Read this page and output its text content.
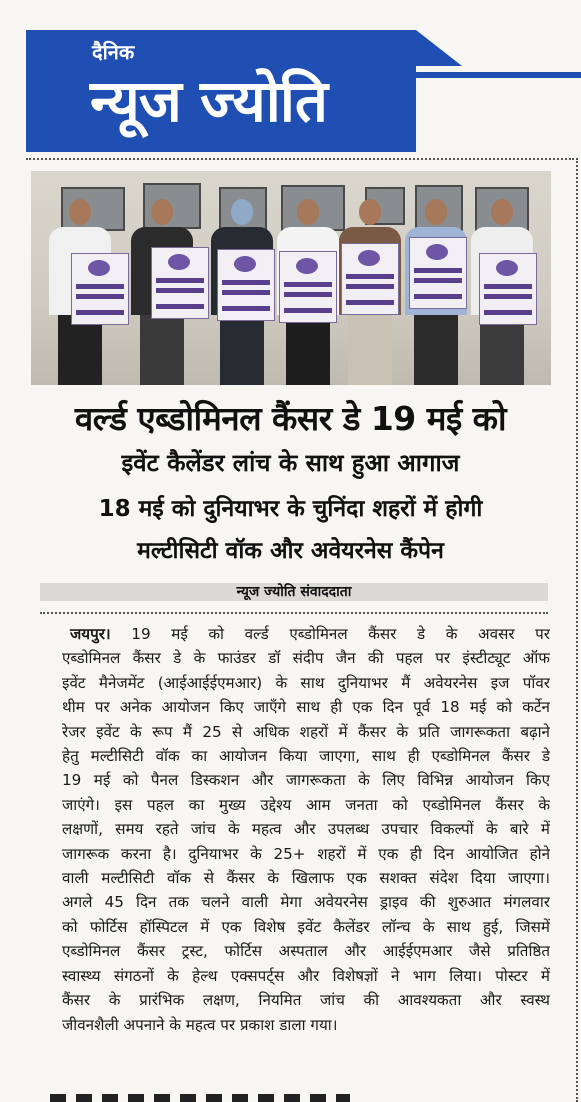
दैनिक
न्यूज ज्योति
वर्ल्ड एब्डोमिनल कैंसर डे 19 मई को
इवेंट कैलेंडर लांच के साथ हुआ आगाज
18 मई को दुनियाभर के चुनिंदा शहरों में होगी
मल्टीसिटी वॉक और अवेयरनेस कैंपेन
न्यूज ज्योति संवाददाता
जयपुर। 19 मई को वर्ल्ड एब्डोमिनल कैंसर डे के अवसर पर
एब्डोमिनल कैंसर डे के फाउंडर डॉ संदीप जैन की पहल पर इंस्टीट्यूट ऑफ
इवेंट मैनेजमेंट (आईआईईएमआर) के साथ दुनियाभर मैं अवेयरनेस इज पॉवर
थीम पर अनेक आयोजन किए जाएँगे साथ ही एक दिन पूर्व 18 मई को कर्टेन
रेजर इवेंट के रूप मैं 25 से अधिक शहरों में कैंसर के प्रति जागरूकता बढ़ाने
हेतु मल्टीसिटी वॉक का आयोजन किया जाएगा, साथ ही एब्डोमिनल कैंसर डे
19 मई को पैनल डिस्कशन और जागरूकता के लिए विभिन्न आयोजन किए
जाएंगे। इस पहल का मुख्य उद्देश्य आम जनता को एब्डोमिनल कैंसर के
लक्षणों, समय रहते जांच के महत्व और उपलब्ध उपचार विकल्पों के बारे में
जागरूक करना है। दुनियाभर के 25+ शहरों में एक ही दिन आयोजित होने
वाली मल्टीसिटी वॉक से कैंसर के खिलाफ एक सशक्त संदेश दिया जाएगा।
अगले 45 दिन तक चलने वाली मेगा अवेयरनेस ड्राइव की शुरुआत मंगलवार
को फोर्टिस हॉस्पिटल में एक विशेष इवेंट कैलेंडर लॉन्च के साथ हुई, जिसमें
एब्डोमिनल कैंसर ट्रस्ट, फोर्टिस अस्पताल और आईईएमआर जैसे प्रतिष्ठित
स्वास्थ्य संगठनों के हेल्थ एक्सपर्ट्स और विशेषज्ञों ने भाग लिया। पोस्टर में
कैंसर के प्रारंभिक लक्षण, नियमित जांच की आवश्यकता और स्वस्थ
जीवनशैली अपनाने के महत्व पर प्रकाश डाला गया।
